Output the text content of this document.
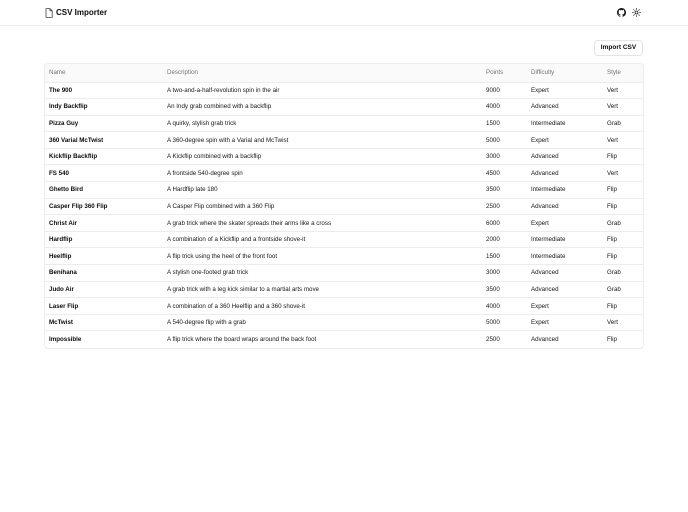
CSV Importer
Import CSV
Name	Description	Points	Difficulty	Style
The 900	A two-and-a-half-revolution spin in the air	9000	Expert	Vert
Indy Backflip	An Indy grab combined with a backflip	4000	Advanced	Vert
Pizza Guy	A quirky, stylish grab trick	1500	Intermediate	Grab
360 Varial McTwist	A 360-degree spin with a Varial and McTwist	5000	Expert	Vert
Kickflip Backflip	A Kickflip combined with a backflip	3000	Advanced	Flip
FS 540	A frontside 540-degree spin	4500	Advanced	Vert
Ghetto Bird	A Hardflip late 180	3500	Intermediate	Flip
Casper Flip 360 Flip	A Casper Flip combined with a 360 Flip	2500	Advanced	Flip
Christ Air	A grab trick where the skater spreads their arms like a cross	6000	Expert	Grab
Hardflip	A combination of a Kickflip and a frontside shove-it	2000	Intermediate	Flip
Heelflip	A flip trick using the heel of the front foot	1500	Intermediate	Flip
Benihana	A stylish one-footed grab trick	3000	Advanced	Grab
Judo Air	A grab trick with a leg kick similar to a martial arts move	3500	Advanced	Grab
Laser Flip	A combination of a 360 Heelflip and a 360 shove-it	4000	Expert	Flip
McTwist	A 540-degree flip with a grab	5000	Expert	Vert
Impossible	A flip trick where the board wraps around the back foot	2500	Advanced	Flip
